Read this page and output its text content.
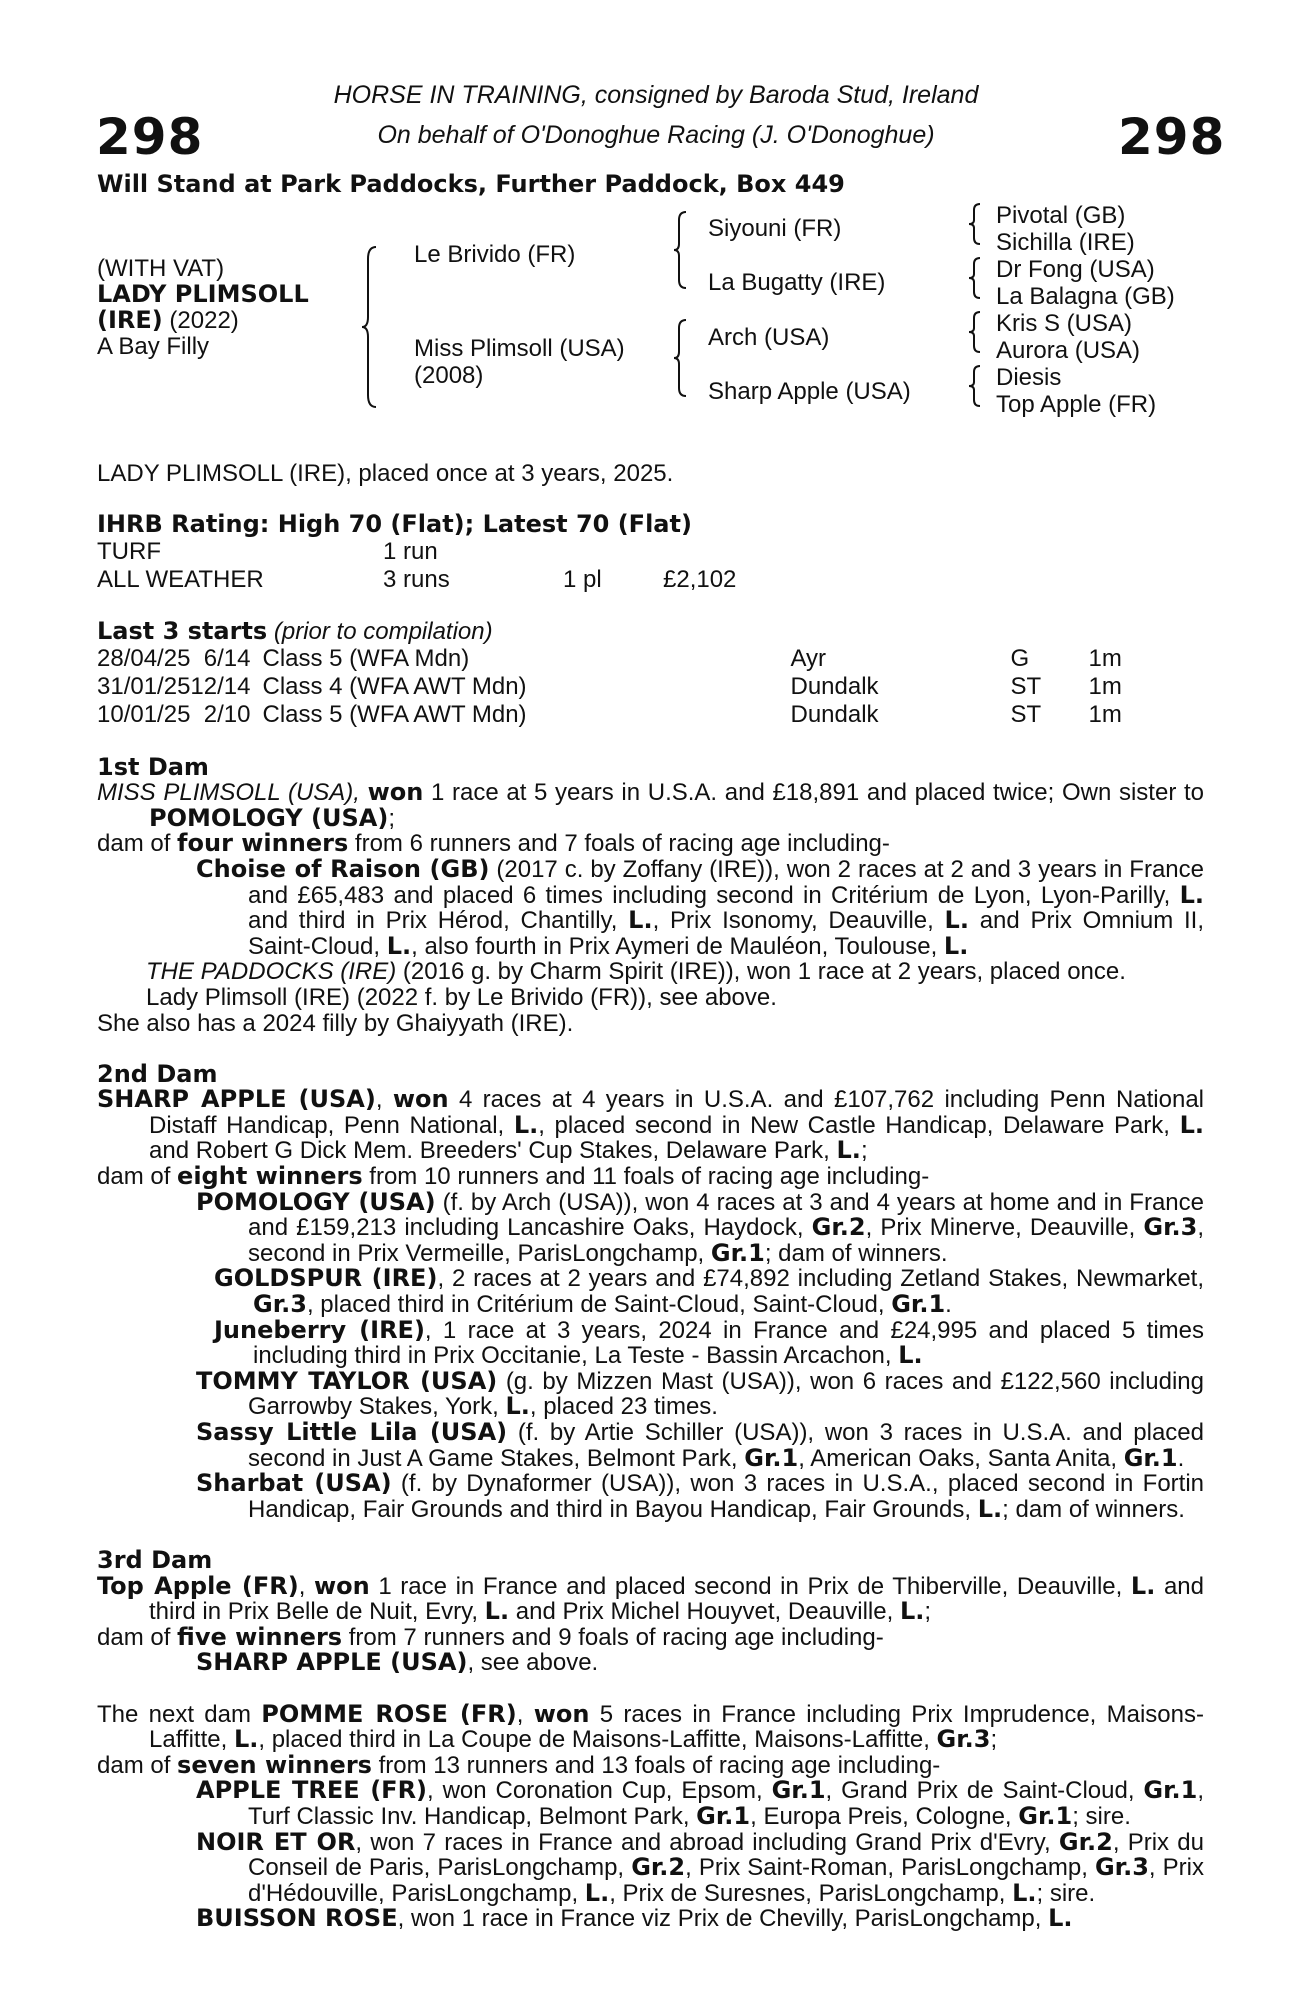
298	298
HORSE IN TRAINING, consigned by Baroda Stud, Ireland
On behalf of O'Donoghue Racing (J. O'Donoghue)
Will Stand at Park Paddocks, Further Paddock, Box 449
(WITH VAT)
LADY PLIMSOLL
(IRE) (2022)
A Bay Filly
Le Brivido (FR)
Miss Plimsoll (USA)
(2008)
Siyouni (FR)
La Bugatty (IRE)
Arch (USA)
Sharp Apple (USA)
Pivotal (GB)
Sichilla (IRE)
Dr Fong (USA)
La Balagna (GB)
Kris S (USA)
Aurora (USA)
Diesis
Top Apple (FR)

LADY PLIMSOLL (IRE), placed once at 3 years, 2025.

IHRB Rating: High 70 (Flat); Latest 70 (Flat)

TURF	1 run		
ALL WEATHER	3 runs	1 pl	£2,102

Last 3 starts (prior to compilation)

28/04/25	6/14	Class 5 (WFA Mdn)	Ayr	G	1m
31/01/25	12/14	Class 4 (WFA AWT Mdn)	Dundalk	ST	1m
10/01/25	2/10	Class 5 (WFA AWT Mdn)	Dundalk	ST	1m

1st Dam

MISS PLIMSOLL (USA), won 1 race at 5 years in U.S.A. and £18,891 and placed twice; Own sister to POMOLOGY (USA);

dam of four winners from 6 runners and 7 foals of racing age including-

Choise of Raison (GB) (2017 c. by Zoffany (IRE)), won 2 races at 2 and 3 years in France and £65,483 and placed 6 times including second in Critérium de Lyon, Lyon-Parilly, L. and third in Prix Hérod, Chantilly, L., Prix Isonomy, Deauville, L. and Prix Omnium II, Saint-Cloud, L., also fourth in Prix Aymeri de Mauléon, Toulouse, L.

THE PADDOCKS (IRE) (2016 g. by Charm Spirit (IRE)), won 1 race at 2 years, placed once.

Lady Plimsoll (IRE) (2022 f. by Le Brivido (FR)), see above.

She also has a 2024 filly by Ghaiyyath (IRE).

2nd Dam

SHARP APPLE (USA), won 4 races at 4 years in U.S.A. and £107,762 including Penn National Distaff Handicap, Penn National, L., placed second in New Castle Handicap, Delaware Park, L. and Robert G Dick Mem. Breeders' Cup Stakes, Delaware Park, L.;

dam of eight winners from 10 runners and 11 foals of racing age including-

POMOLOGY (USA) (f. by Arch (USA)), won 4 races at 3 and 4 years at home and in France and £159,213 including Lancashire Oaks, Haydock, Gr.2, Prix Minerve, Deauville, Gr.3, second in Prix Vermeille, ParisLongchamp, Gr.1; dam of winners.

GOLDSPUR (IRE), 2 races at 2 years and £74,892 including Zetland Stakes, Newmarket, Gr.3, placed third in Critérium de Saint-Cloud, Saint-Cloud, Gr.1.

Juneberry (IRE), 1 race at 3 years, 2024 in France and £24,995 and placed 5 times including third in Prix Occitanie, La Teste - Bassin Arcachon, L.

TOMMY TAYLOR (USA) (g. by Mizzen Mast (USA)), won 6 races and £122,560 including Garrowby Stakes, York, L., placed 23 times.

Sassy Little Lila (USA) (f. by Artie Schiller (USA)), won 3 races in U.S.A. and placed second in Just A Game Stakes, Belmont Park, Gr.1, American Oaks, Santa Anita, Gr.1.

Sharbat (USA) (f. by Dynaformer (USA)), won 3 races in U.S.A., placed second in Fortin Handicap, Fair Grounds and third in Bayou Handicap, Fair Grounds, L.; dam of winners.

3rd Dam

Top Apple (FR), won 1 race in France and placed second in Prix de Thiberville, Deauville, L. and third in Prix Belle de Nuit, Evry, L. and Prix Michel Houyvet, Deauville, L.;

dam of five winners from 7 runners and 9 foals of racing age including-

SHARP APPLE (USA), see above.

The next dam POMME ROSE (FR), won 5 races in France including Prix Imprudence, Maisons-Laffitte, L., placed third in La Coupe de Maisons-Laffitte, Maisons-Laffitte, Gr.3;

dam of seven winners from 13 runners and 13 foals of racing age including-

APPLE TREE (FR), won Coronation Cup, Epsom, Gr.1, Grand Prix de Saint-Cloud, Gr.1, Turf Classic Inv. Handicap, Belmont Park, Gr.1, Europa Preis, Cologne, Gr.1; sire.

NOIR ET OR, won 7 races in France and abroad including Grand Prix d'Evry, Gr.2, Prix du Conseil de Paris, ParisLongchamp, Gr.2, Prix Saint-Roman, ParisLongchamp, Gr.3, Prix d'Hédouville, ParisLongchamp, L., Prix de Suresnes, ParisLongchamp, L.; sire.

BUISSON ROSE, won 1 race in France viz Prix de Chevilly, ParisLongchamp, L.
